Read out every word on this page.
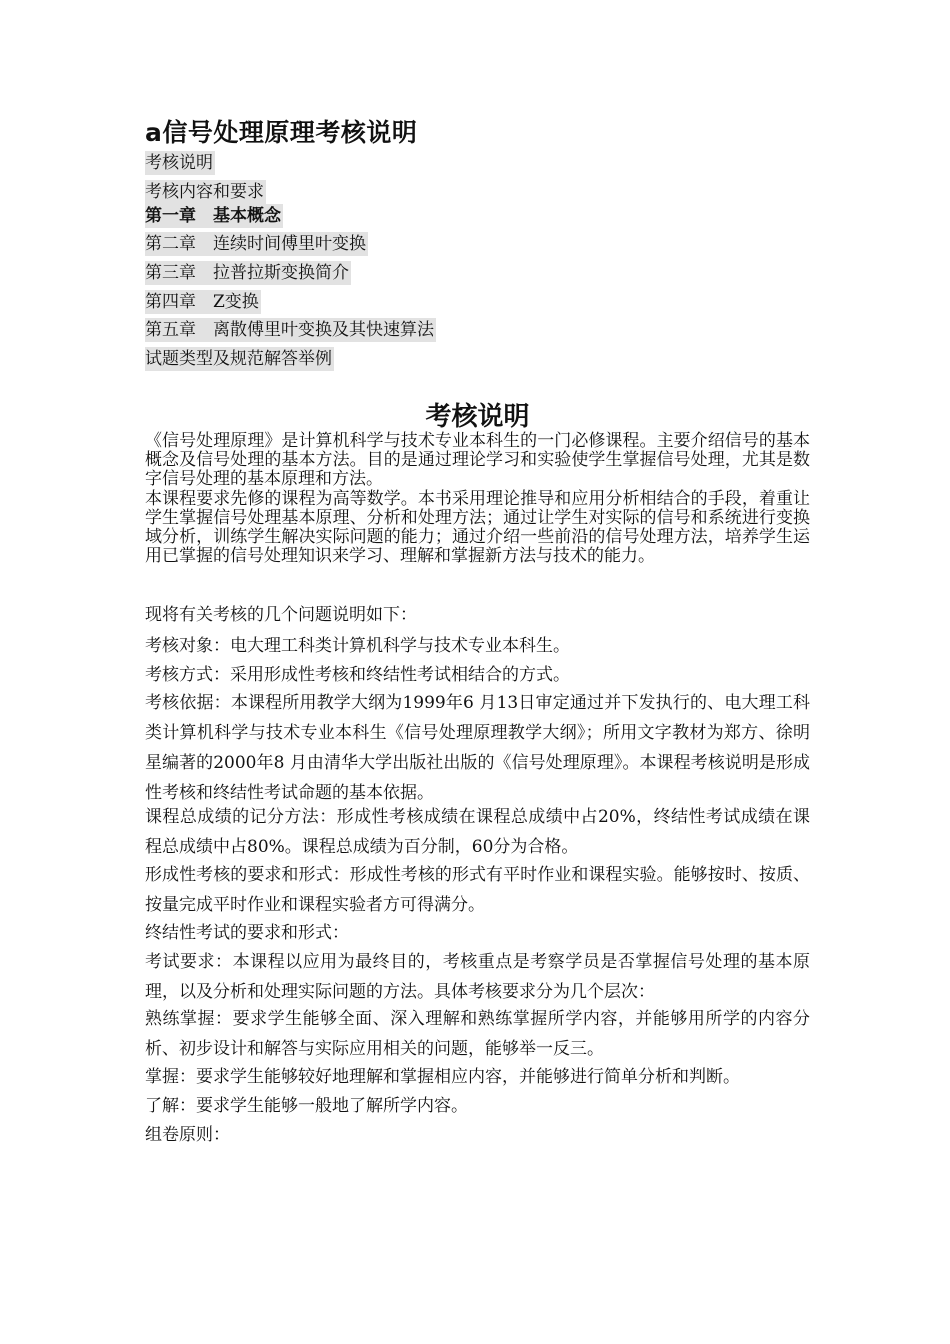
a信号处理原理考核说明
考核说明
考核内容和要求
第一章　基本概念
第二章　连续时间傅里叶变换
第三章　拉普拉斯变换简介
第四章　Z变换
第五章　离散傅里叶变换及其快速算法
试题类型及规范解答举例
考核说明
《信号处理原理》是计算机科学与技术专业本科生的一门必修课程。主要介绍信号的基本概念及信号处理的基本方法。目的是通过理论学习和实验使学生掌握信号处理，尤其是数字信号处理的基本原理和方法。
本课程要求先修的课程为高等数学。本书采用理论推导和应用分析相结合的手段，着重让学生掌握信号处理基本原理、分析和处理方法；通过让学生对实际的信号和系统进行变换域分析，训练学生解决实际问题的能力；通过介绍一些前沿的信号处理方法，培养学生运用已掌握的信号处理知识来学习、理解和掌握新方法与技术的能力。
现将有关考核的几个问题说明如下：
考核对象：电大理工科类计算机科学与技术专业本科生。
考核方式：采用形成性考核和终结性考试相结合的方式。
考核依据：本课程所用教学大纲为1999年6 月13日审定通过并下发执行的、电大理工科类计算机科学与技术专业本科生《信号处理原理教学大纲》；所用文字教材为郑方、徐明星编著的2000年8 月由清华大学出版社出版的《信号处理原理》。本课程考核说明是形成性考核和终结性考试命题的基本依据。
课程总成绩的记分方法：形成性考核成绩在课程总成绩中占20%，终结性考试成绩在课程总成绩中占80%。课程总成绩为百分制，60分为合格。
形成性考核的要求和形式：形成性考核的形式有平时作业和课程实验。能够按时、按质、按量完成平时作业和课程实验者方可得满分。
终结性考试的要求和形式：
考试要求：本课程以应用为最终目的，考核重点是考察学员是否掌握信号处理的基本原理，以及分析和处理实际问题的方法。具体考核要求分为几个层次：
熟练掌握：要求学生能够全面、深入理解和熟练掌握所学内容，并能够用所学的内容分析、初步设计和解答与实际应用相关的问题，能够举一反三。
掌握：要求学生能够较好地理解和掌握相应内容，并能够进行简单分析和判断。
了解：要求学生能够一般地了解所学内容。
组卷原则：
